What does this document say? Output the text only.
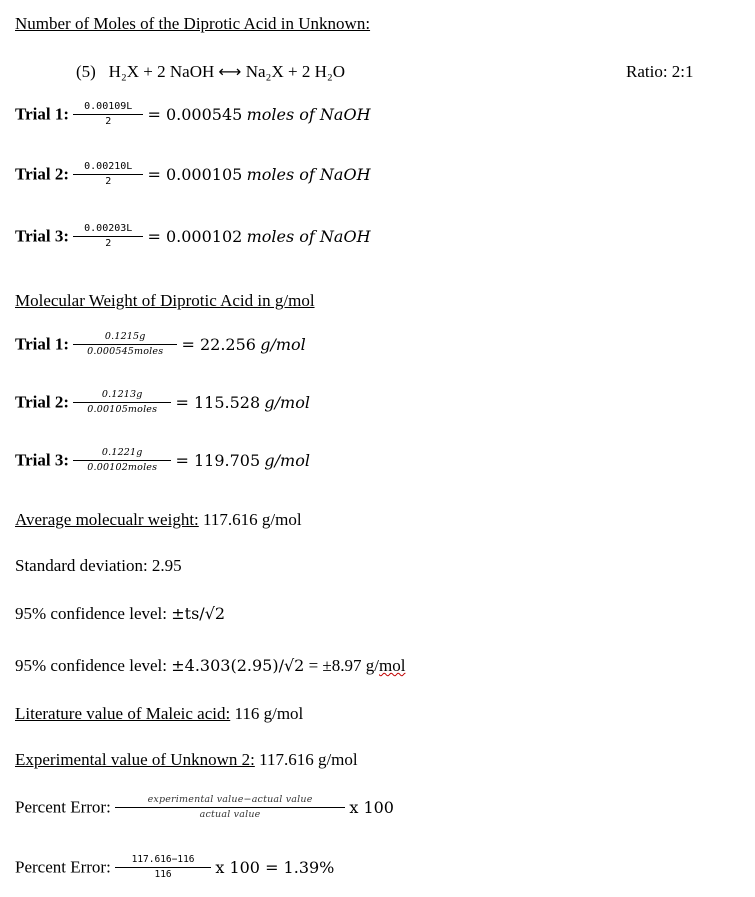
Number of Moles of the Diprotic Acid in Unknown:
(5) H₂X + 2 NaOH ⟷ Na₂X + 2 H₂O	Ratio: 2:1
Trial 1: $\frac{0.00109L}{2} = 0.000545$ moles of NaOH
Trial 2: $\frac{0.00210L}{2} = 0.000105$ moles of NaOH
Trial 3: $\frac{0.00203L}{2} = 0.000102$ moles of NaOH
Molecular Weight of Diprotic Acid in g/mol
Trial 1: $\frac{0.1215g}{\text{0.000545moles}} = 22.256$ g/mol
Trial 2: $\frac{0.1213g}{\text{0.00105moles}} = 115.528$ g/mol
Trial 3: $\frac{0.1221g}{\text{0.00102moles}} = 119.705$ g/mol
Average molecualr weight: 117.616 g/mol
Standard deviation: 2.95
95% confidence level: ±ts/√2
95% confidence level: ±4.303(2.95)/√2 = ±8.97 g/mol
Literature value of Maleic acid: 116 g/mol
Experimental value of Unknown 2: 117.616 g/mol
Percent Error: $\frac{\text{experimental value−actual value}}{\text{actual value}}$ x 100
Percent Error: $\frac{117.616-116}{116}$ x 100 = 1.39%
